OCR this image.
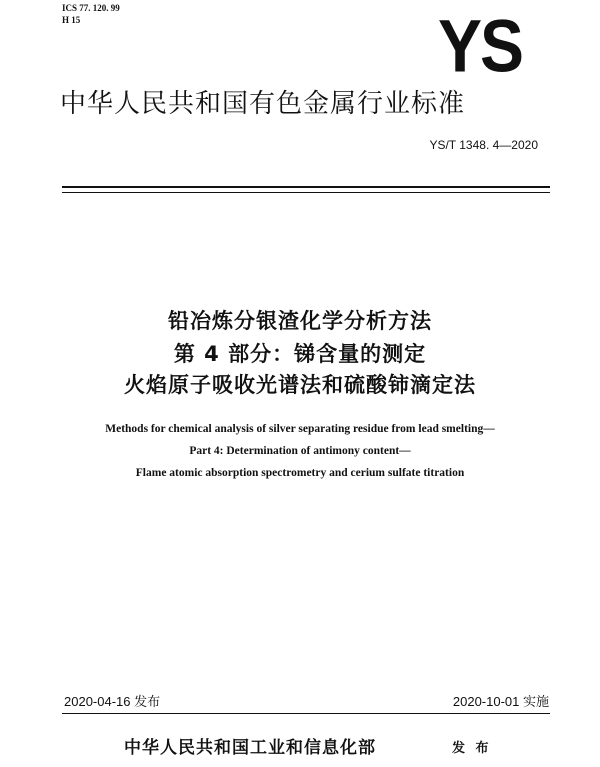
ICS 77. 120. 99
H 15	YS
中华人民共和国有色金属行业标准
YS/T 1348. 4—2020
铅冶炼分银渣化学分析方法
第 4 部分：锑含量的测定
火焰原子吸收光谱法和硫酸铈滴定法
Methods for chemical analysis of silver separating residue from lead smelting—
Part 4: Determination of antimony content—
Flame atomic absorption spectrometry and cerium sulfate titration
2020-04-16 发布	2020-10-01 实施
中华人民共和国工业和信息化部	发 布
